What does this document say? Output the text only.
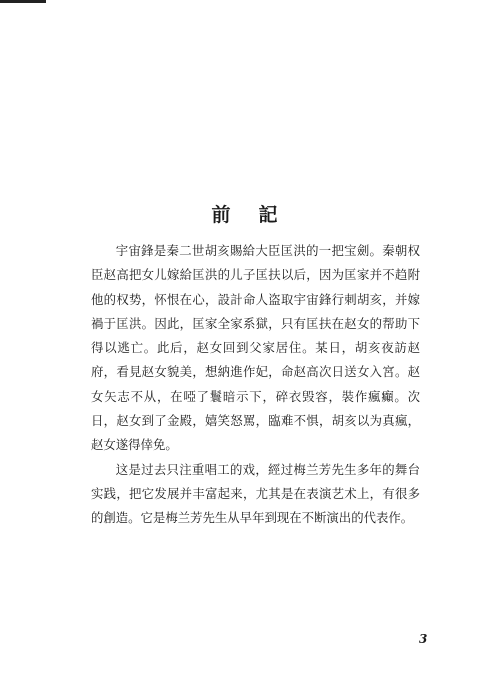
前記

宇宙鋒是秦二世胡亥賜給大臣匡洪的一把宝劍。秦朝权臣赵高把女儿嫁給匡洪的儿子匡扶以后，因为匡家并不趋附他的权势，怀恨在心，設計命人盗取宇宙鋒行刺胡亥，并嫁禍于匡洪。因此，匡家全家系獄，只有匡扶在赵女的帮助下得以逃亡。此后，赵女回到父家居住。某日，胡亥夜訪赵府，看見赵女貌美，想納進作妃，命赵高次日送女入宮。赵女矢志不从，在啞了鬟暗示下，碎衣毁容，裝作瘋癲。次日，赵女到了金殿，嬉笑怒罵，臨难不惧，胡亥以为真瘋，赵女遂得倖免。

这是过去只注重唱工的戏，經过梅兰芳先生多年的舞台实践，把它发展并丰富起来，尤其是在表演艺术上，有很多的創造。它是梅兰芳先生从早年到现在不断演出的代表作。

3
